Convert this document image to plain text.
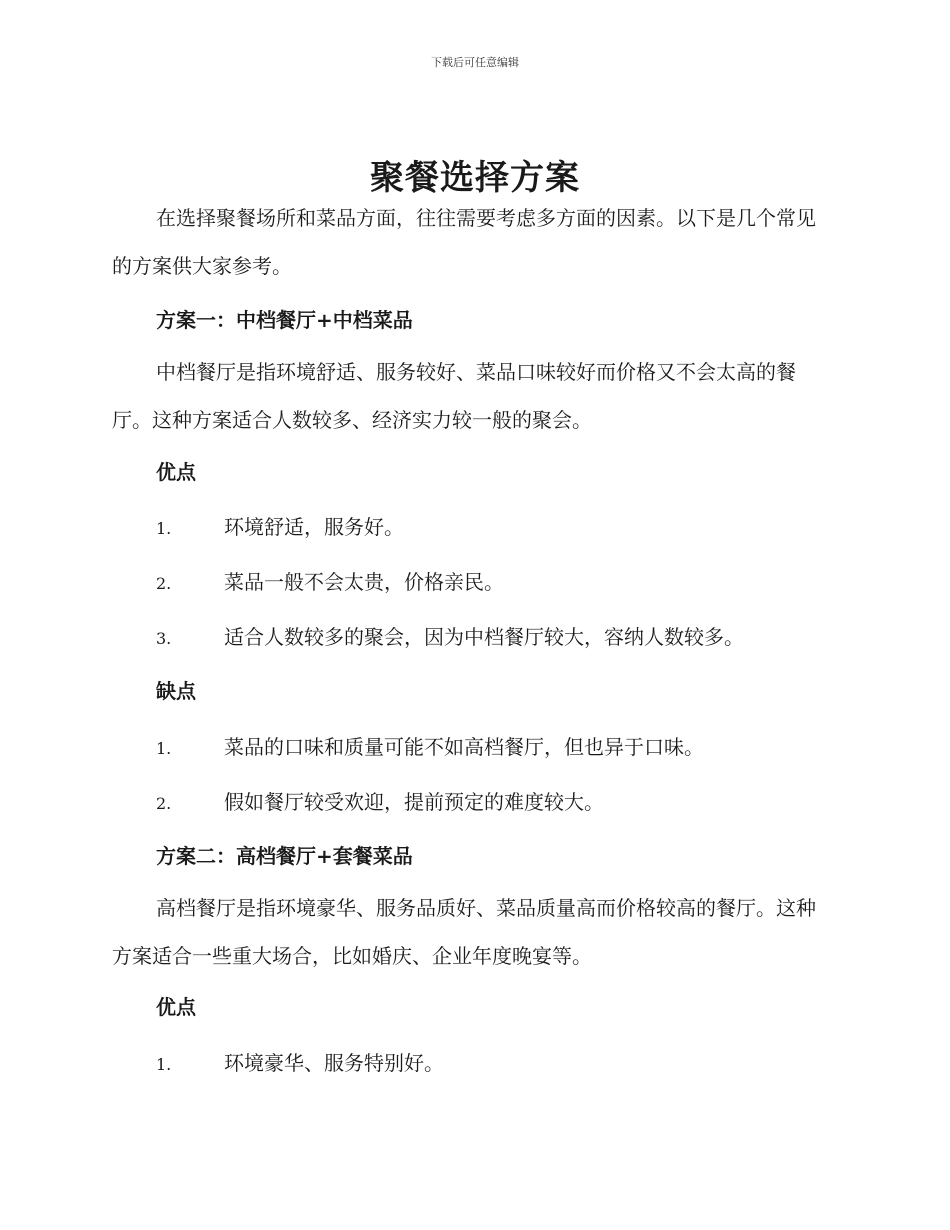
下载后可任意编辑
聚餐选择方案

在选择聚餐场所和菜品方面，往往需要考虑多方面的因素。以下是几个常见的方案供大家参考。

方案一：中档餐厅+中档菜品

中档餐厅是指环境舒适、服务较好、菜品口味较好而价格又不会太高的餐厅。这种方案适合人数较多、经济实力较一般的聚会。

优点
1.	环境舒适，服务好。
2.	菜品一般不会太贵，价格亲民。
3.	适合人数较多的聚会，因为中档餐厅较大，容纳人数较多。
缺点
1.	菜品的口味和质量可能不如高档餐厅，但也异于口味。
2.	假如餐厅较受欢迎，提前预定的难度较大。
方案二：高档餐厅+套餐菜品

高档餐厅是指环境豪华、服务品质好、菜品质量高而价格较高的餐厅。这种方案适合一些重大场合，比如婚庆、企业年度晚宴等。

优点
1.	环境豪华、服务特别好。
